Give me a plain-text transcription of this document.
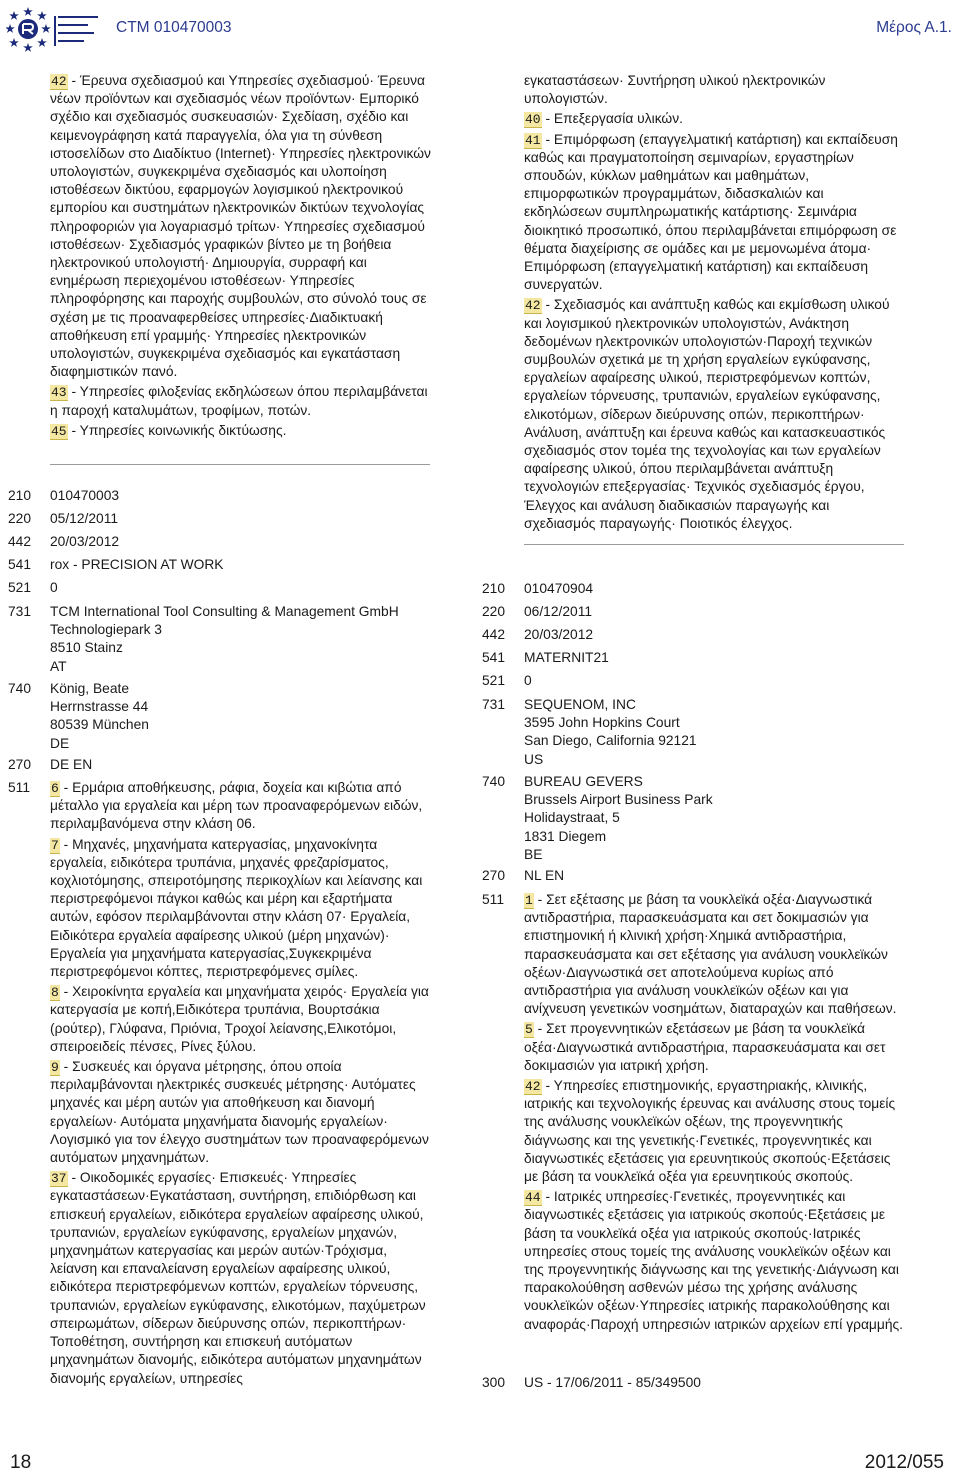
CTM 010470003	Μέρος Α.1.

42 - Έρευνα σχεδιασμού και Υπηρεσίες σχεδιασμού· Έρευνα νέων προϊόντων και σχεδιασμός νέων προϊόντων· Εμπορικό σχέδιο και σχεδιασμός συσκευασιών· Σχεδίαση, σχέδιο και κειμενογράφηση κατά παραγγελία, όλα για τη σύνθεση ιστοσελίδων στο Διαδίκτυο (Internet)· Υπηρεσίες ηλεκτρονικών υπολογιστών, συγκεκριμένα σχεδιασμός και υλοποίηση ιστοθέσεων δικτύου, εφαρμογών λογισμικού ηλεκτρονικού εμπορίου και συστημάτων ηλεκτρονικών δικτύων τεχνολογίας πληροφοριών για λογαριασμό τρίτων· Υπηρεσίες σχεδιασμού ιστοθέσεων· Σχεδιασμός γραφικών βίντεο με τη βοήθεια ηλεκτρονικού υπολογιστή· Δημιουργία, συρραφή και ενημέρωση περιεχομένου ιστοθέσεων· Υπηρεσίες πληροφόρησης και παροχής συμβουλών, στο σύνολό τους σε σχέση με τις προαναφερθείσες υπηρεσίες·Διαδικτυακή αποθήκευση επί γραμμής· Υπηρεσίες ηλεκτρονικών υπολογιστών, συγκεκριμένα σχεδιασμός και εγκατάσταση διαφημιστικών πανό.

43 - Υπηρεσίες φιλοξενίας εκδηλώσεων όπου περιλαμβάνεται η παροχή καταλυμάτων, τροφίμων, ποτών.

45 - Υπηρεσίες κοινωνικής δικτύωσης.

210	010470003
220	05/12/2011
442	20/03/2012
541	rox - PRECISION AT WORK
521	0
731	TCM International Tool Consulting & Management GmbH
Technologiepark 3
8510 Stainz
AT
740	König, Beate
Herrnstrasse 44
80539 München
DE
270	DE EN
511	6 - Ερμάρια αποθήκευσης, ράφια, δοχεία και κιβώτια από μέταλλο για εργαλεία και μέρη των προαναφερόμενων ειδών, περιλαμβανόμενα στην κλάση 06.

7 - Μηχανές, μηχανήματα κατεργασίας, μηχανοκίνητα εργαλεία, ειδικότερα τρυπάνια, μηχανές φρεζαρίσματος, κοχλιοτόμησης, σπειροτόμησης περικοχλίων και λείανσης και περιστρεφόμενοι πάγκοι καθώς και μέρη και εξαρτήματα αυτών, εφόσον περιλαμβάνονται στην κλάση 07· Εργαλεία, Ειδικότερα εργαλεία αφαίρεσης υλικού (μέρη μηχανών)· Εργαλεία για μηχανήματα κατεργασίας,Συγκεκριμένα περιστρεφόμενοι κόπτες, περιστρεφόμενες σμίλες.

8 - Χειροκίνητα εργαλεία και μηχανήματα χειρός· Εργαλεία για κατεργασία με κοπή,Ειδικότερα τρυπάνια, Βουρτσάκια (ρούτερ), Γλύφανα, Πριόνια, Τροχοί λείανσης,Ελικοτόμοι, σπειροειδείς πένσες, Ρίνες ξύλου.

9 - Συσκευές και όργανα μέτρησης, όπου οποία περιλαμβάνονται ηλεκτρικές συσκευές μέτρησης· Αυτόματες μηχανές και μέρη αυτών για αποθήκευση και διανομή εργαλείων· Αυτόματα μηχανήματα διανομής εργαλείων· Λογισμικό για τον έλεγχο συστημάτων των προαναφερόμενων αυτόματων μηχανημάτων.

37 - Οικοδομικές εργασίες· Επισκευές· Υπηρεσίες εγκαταστάσεων·Εγκατάσταση, συντήρηση, επιδιόρθωση και επισκευή εργαλείων, ειδικότερα εργαλείων αφαίρεσης υλικού, τρυπανιών, εργαλείων εγκύφανσης, εργαλείων μηχανών, μηχανημάτων κατεργασίας και μερών αυτών·Τρόχισμα, λείανση και επαναλείανση εργαλείων αφαίρεσης υλικού, ειδικότερα περιστρεφόμενων κοπτών, εργαλείων τόρνευσης, τρυπανιών, εργαλείων εγκύφανσης, ελικοτόμων, παχύμετρων σπειρωμάτων, σίδερων διεύρυνσης οπών, περικοπτήρων· Τοποθέτηση, συντήρηση και επισκευή αυτόματων μηχανημάτων διανομής, ειδικότερα αυτόματων μηχανημάτων διανομής εργαλείων, υπηρεσίες

εγκαταστάσεων· Συντήρηση υλικού ηλεκτρονικών υπολογιστών.

40 - Επεξεργασία υλικών.

41 - Επιμόρφωση (επαγγελματική κατάρτιση) και εκπαίδευση καθώς και πραγματοποίηση σεμιναρίων, εργαστηρίων σπουδών, κύκλων μαθημάτων και μαθημάτων, επιμορφωτικών προγραμμάτων, διδασκαλιών και εκδηλώσεων συμπληρωματικής κατάρτισης· Σεμινάρια διοικητικό προσωπικό, όπου περιλαμβάνεται επιμόρφωση σε θέματα διαχείρισης σε ομάδες και με μεμονωμένα άτομα· Επιμόρφωση (επαγγελματική κατάρτιση) και εκπαίδευση συνεργατών.

42 - Σχεδιασμός και ανάπτυξη καθώς και εκμίσθωση υλικού και λογισμικού ηλεκτρονικών υπολογιστών, Ανάκτηση δεδομένων ηλεκτρονικών υπολογιστών·Παροχή τεχνικών συμβουλών σχετικά με τη χρήση εργαλείων εγκύφανσης, εργαλείων αφαίρεσης υλικού, περιστρεφόμενων κοπτών, εργαλείων τόρνευσης, τρυπανιών, εργαλείων εγκύφανσης, ελικοτόμων, σίδερων διεύρυνσης οπών, περικοπτήρων· Ανάλυση, ανάπτυξη και έρευνα καθώς και κατασκευαστικός σχεδιασμός στον τομέα της τεχνολογίας και των εργαλείων αφαίρεσης υλικού, όπου περιλαμβάνεται ανάπτυξη τεχνολογιών επεξεργασίας· Τεχνικός σχεδιασμός έργου, Έλεγχος και ανάλυση διαδικασιών παραγωγής και σχεδιασμός παραγωγής· Ποιοτικός έλεγχος.

210	010470904
220	06/12/2011
442	20/03/2012
541	MATERNIT21
521	0
731	SEQUENOM, INC
3595 John Hopkins Court
San Diego, California 92121
US
740	BUREAU GEVERS
Brussels Airport Business Park
Holidaystraat, 5
1831 Diegem
BE
270	NL EN
511	1 - Σετ εξέτασης με βάση τα νουκλεϊκά οξέα·Διαγνωστικά αντιδραστήρια, παρασκευάσματα και σετ δοκιμασιών για επιστημονική ή κλινική χρήση·Χημικά αντιδραστήρια, παρασκευάσματα και σετ εξέτασης για ανάλυση νουκλεϊκών οξέων·Διαγνωστικά σετ αποτελούμενα κυρίως από αντιδραστήρια για ανάλυση νουκλεϊκών οξέων και για ανίχνευση γενετικών νοσημάτων, διαταραχών και παθήσεων.

5 - Σετ προγεννητικών εξετάσεων με βάση τα νουκλεϊκά οξέα·Διαγνωστικά αντιδραστήρια, παρασκευάσματα και σετ δοκιμασιών για ιατρική χρήση.

42 - Υπηρεσίες επιστημονικής, εργαστηριακής, κλινικής, ιατρικής και τεχνολογικής έρευνας και ανάλυσης στους τομείς της ανάλυσης νουκλεϊκών οξέων, της προγεννητικής διάγνωσης και της γενετικής·Γενετικές, προγεννητικές και διαγνωστικές εξετάσεις για ερευνητικούς σκοπούς·Εξετάσεις με βάση τα νουκλεϊκά οξέα για ερευνητικούς σκοπούς.

44 - Ιατρικές υπηρεσίες·Γενετικές, προγεννητικές και διαγνωστικές εξετάσεις για ιατρικούς σκοπούς·Εξετάσεις με βάση τα νουκλεϊκά οξέα για ιατρικούς σκοπούς·Ιατρικές υπηρεσίες στους τομείς της ανάλυσης νουκλεϊκών οξέων και της προγεννητικής διάγνωσης και της γενετικής·Διάγνωση και παρακολούθηση ασθενών μέσω της χρήσης ανάλυσης νουκλεϊκών οξέων·Υπηρεσίες ιατρικής παρακολούθησης και αναφοράς·Παροχή υπηρεσιών ιατρικών αρχείων επί γραμμής.

300	US - 17/06/2011 - 85/349500
18	2012/055
